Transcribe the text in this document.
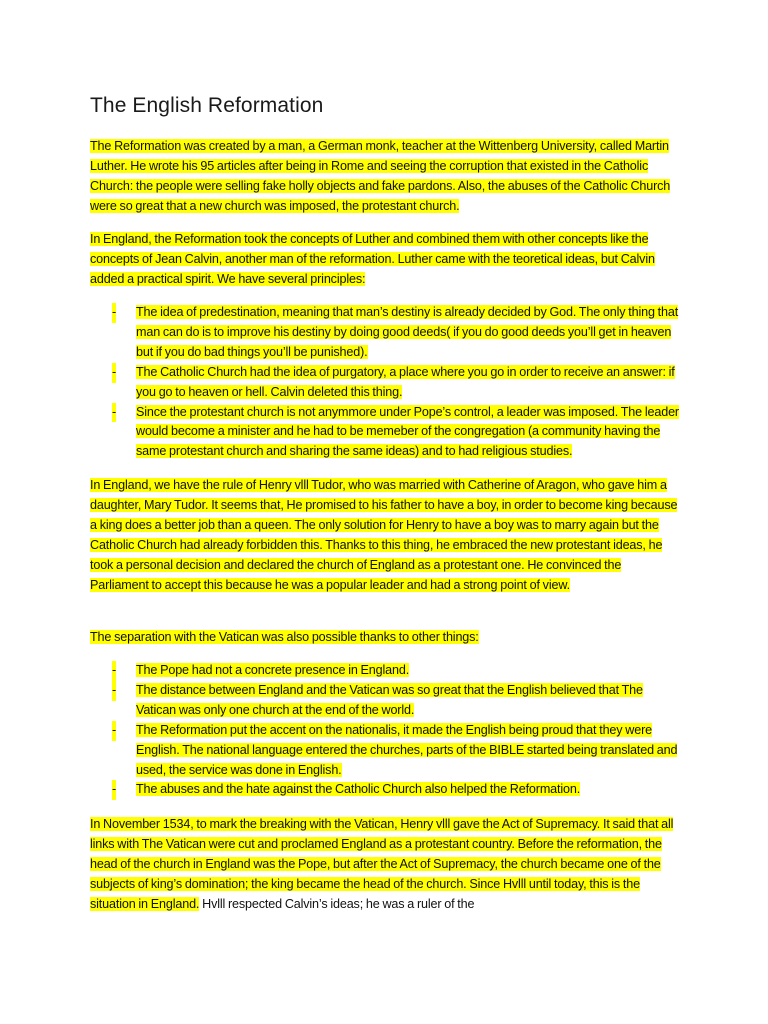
The English Reformation
The Reformation was created by a man, a German monk, teacher at the Wittenberg University, called Martin Luther. He wrote his 95 articles after being in Rome and seeing the corruption that existed in the Catholic Church: the people were selling fake holly objects and fake pardons. Also, the abuses of the Catholic Church were so great that a new church was imposed, the protestant church.
In England, the Reformation took the concepts of Luther and combined them with other concepts like the concepts of Jean Calvin, another man of the reformation. Luther came with the teoretical ideas, but Calvin added a practical spirit. We have several principles:
- The idea of predestination, meaning that man’s destiny is already decided by God. The only thing that man can do is to improve his destiny by doing good deeds( if you do good deeds you’ll get in heaven but if you do bad things you’ll be punished).
- The Catholic Church had the idea of purgatory, a place where you go in order to receive an answer: if you go to heaven or hell. Calvin deleted this thing.
- Since the protestant church is not anymmore under Pope’s control, a leader was imposed. The leader would become a minister and he had to be memeber of the congregation (a community having the same protestant church and sharing the same ideas) and to had religious studies.
In England, we have the rule of Henry vlll Tudor, who was married with Catherine of Aragon, who gave him a daughter, Mary Tudor. It seems that, He promised to his father to have a boy, in order to become king because a king does a better job than a queen. The only solution for Henry to have a boy was to marry again but the Catholic Church had already forbidden this. Thanks to this thing, he embraced the new protestant ideas, he took a personal decision and declared the church of England as a protestant one. He convinced the Parliament to accept this because he was a popular leader and had a strong point of view.
The separation with the Vatican was also possible thanks to other things:
- The Pope had not a concrete presence in England.
- The distance between England and the Vatican was so great that the English believed that The Vatican was only one church at the end of the world.
- The Reformation put the accent on the nationalis, it made the English being proud that they were English. The national language entered the churches, parts of the BIBLE started being translated and used, the service was done in English.
- The abuses and the hate against the Catholic Church also helped the Reformation.
In November 1534, to mark the breaking with the Vatican, Henry vlll gave the Act of Supremacy. It said that all links with The Vatican were cut and proclamed England as a protestant country. Before the reformation, the head of the church in England was the Pope, but after the Act of Supremacy, the church became one of the subjects of king’s domination; the king became the head of the church. Since Hvlll until today, this is the situation in England. Hvlll respected Calvin’s ideas; he was a ruler of the
